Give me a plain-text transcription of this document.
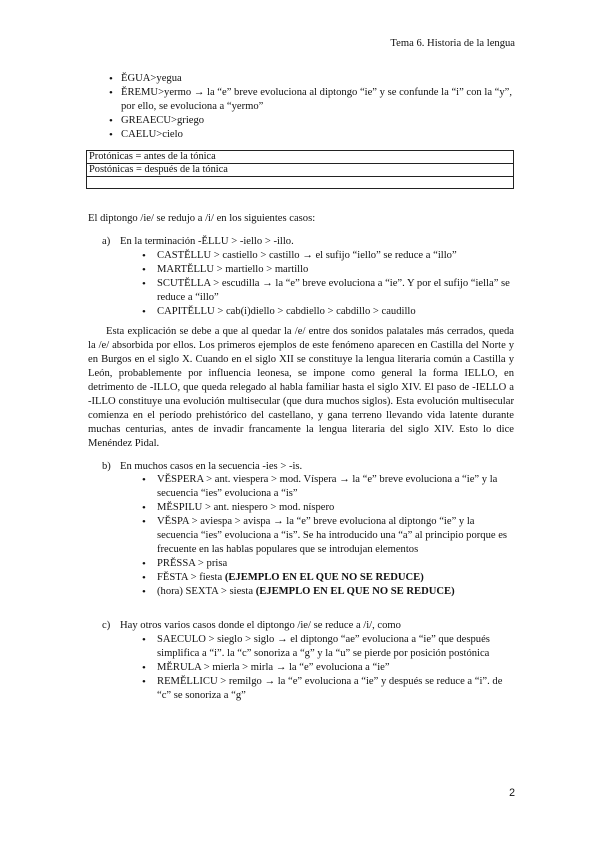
Tema 6. Historia de la lengua
• ĔGUA>yegua
• ĔREMU>yermo → la “e” breve evoluciona al diptongo “ie” y se confunde la “i” con la “y”, por ello, se evoluciona a “yermo”
• GREAECU>griego
• CAELU>cielo
Protónicas = antes de la tónica
Postónicas = después de la tónica

El diptongo /ie/ se redujo a /i/ en los siguientes casos:

a) En la terminación -ĔLLU > -iello > -illo.

• CASTĔLLU > castiello > castillo → el sufijo “iello” se reduce a “illo”
• MARTĔLLU > martiello > martillo
• SCUTĔLLA > escudilla → la “e” breve evoluciona a “ie”. Y por el sufijo “iella” se reduce a “illo”
• CAPITĔLLU > cab(i)diello > cabdiello > cabdillo > caudillo

Esta explicación se debe a que al quedar la /e/ entre dos sonidos palatales más cerrados, queda la /e/ absorbida por ellos. Los primeros ejemplos de este fenómeno aparecen en Castilla del Norte y en Burgos en el siglo X. Cuando en el siglo XII se constituye la lengua literaria común a Castilla y León, probablemente por influencia leonesa, se impone como general la forma IELLO, en detrimento de -ILLO, que queda relegado al habla familiar hasta el siglo XIV. El paso de -IELLO a -ILLO constituye una evolución multisecular (que dura muchos siglos). Esta evolución multisecular comienza en el período prehistórico del castellano, y gana terreno llevando vida latente durante muchas centurias, antes de invadir francamente la lengua literaria del siglo XIV. Esto lo dice Menéndez Pidal.

b) En muchos casos en la secuencia -ies > -is.

• VĔSPERA > ant. viespera > mod. Víspera → la “e” breve evoluciona a “ie” y la secuencia “ies” evoluciona a “is”
• MĔSPILU > ant. niespero > mod. níspero
• VĔSPA > aviespa > avispa → la “e” breve evoluciona al diptongo “ie” y la secuencia “ies” evoluciona a “is”. Se ha introducido una “a” al principio porque es frecuente en las hablas populares que se introdujan elementos
• PRĔSSA > prisa
• FĔSTA > fiesta (EJEMPLO EN EL QUE NO SE REDUCE)
• (hora) SEXTA > siesta (EJEMPLO EN EL QUE NO SE REDUCE)

c) Hay otros varios casos donde el diptongo /ie/ se reduce a /i/, como

• SAECULO > sieglo > siglo → el diptongo “ae” evoluciona a “ie” que después simplifica a “i”. la “c” sonoriza a “g” y la “u” se pierde por posición postónica
• MĔRULA > mierla > mirla → la “e” evoluciona a “ie”
• REMĔLLICU > remilgo → la “e” evoluciona a “ie” y después se reduce a “i”. de “c” se sonoriza a “g”
2
